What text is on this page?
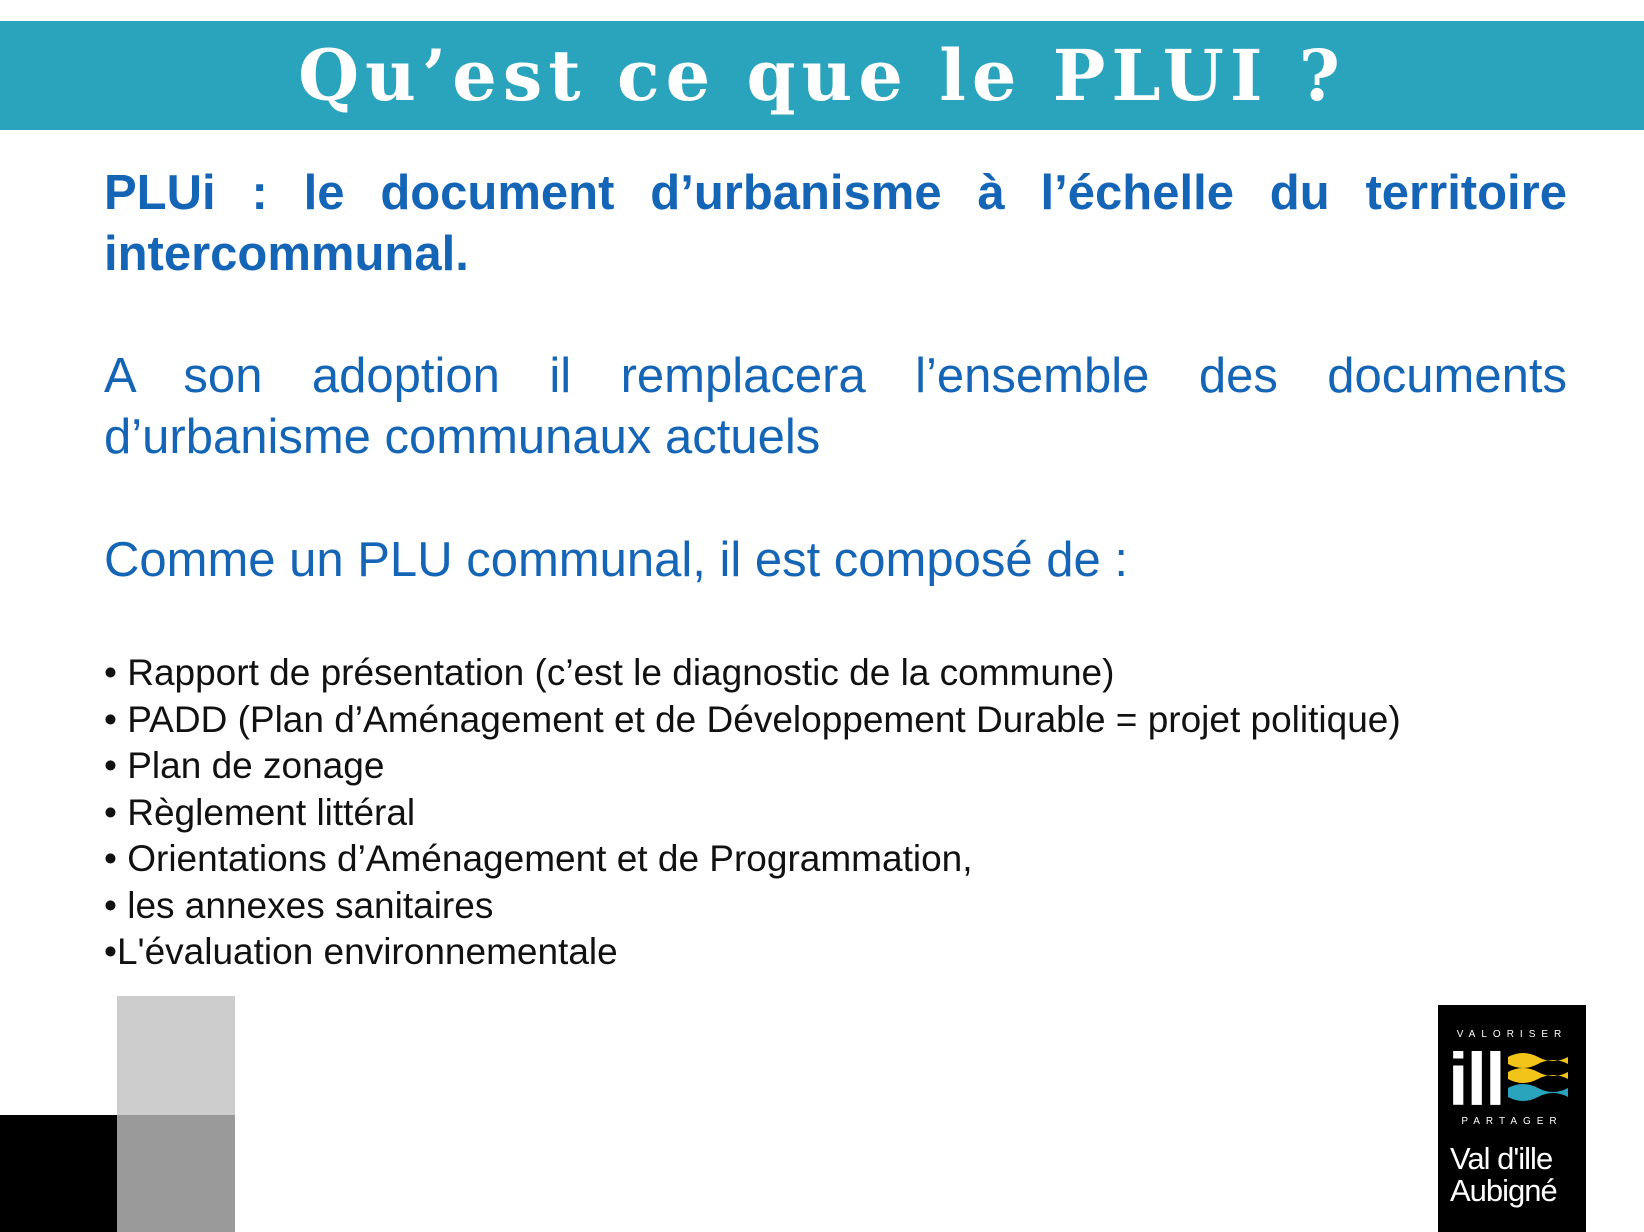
Qu’est ce que le PLUI ?

PLUi : le document d’urbanisme à l’échelle du territoire intercommunal.

A son adoption il remplacera l’ensemble des documents d’urbanisme communaux actuels

Comme un PLU communal, il est composé de :

• Rapport de présentation (c’est le diagnostic de la commune)
• PADD (Plan d’Aménagement et de Développement Durable = projet politique)
• Plan de zonage
• Règlement littéral
• Orientations d’Aménagement et de Programmation,
• les annexes sanitaires
•L'évaluation environnementale
VALORISER
ill
PARTAGER
Val d'ille
Aubigné
